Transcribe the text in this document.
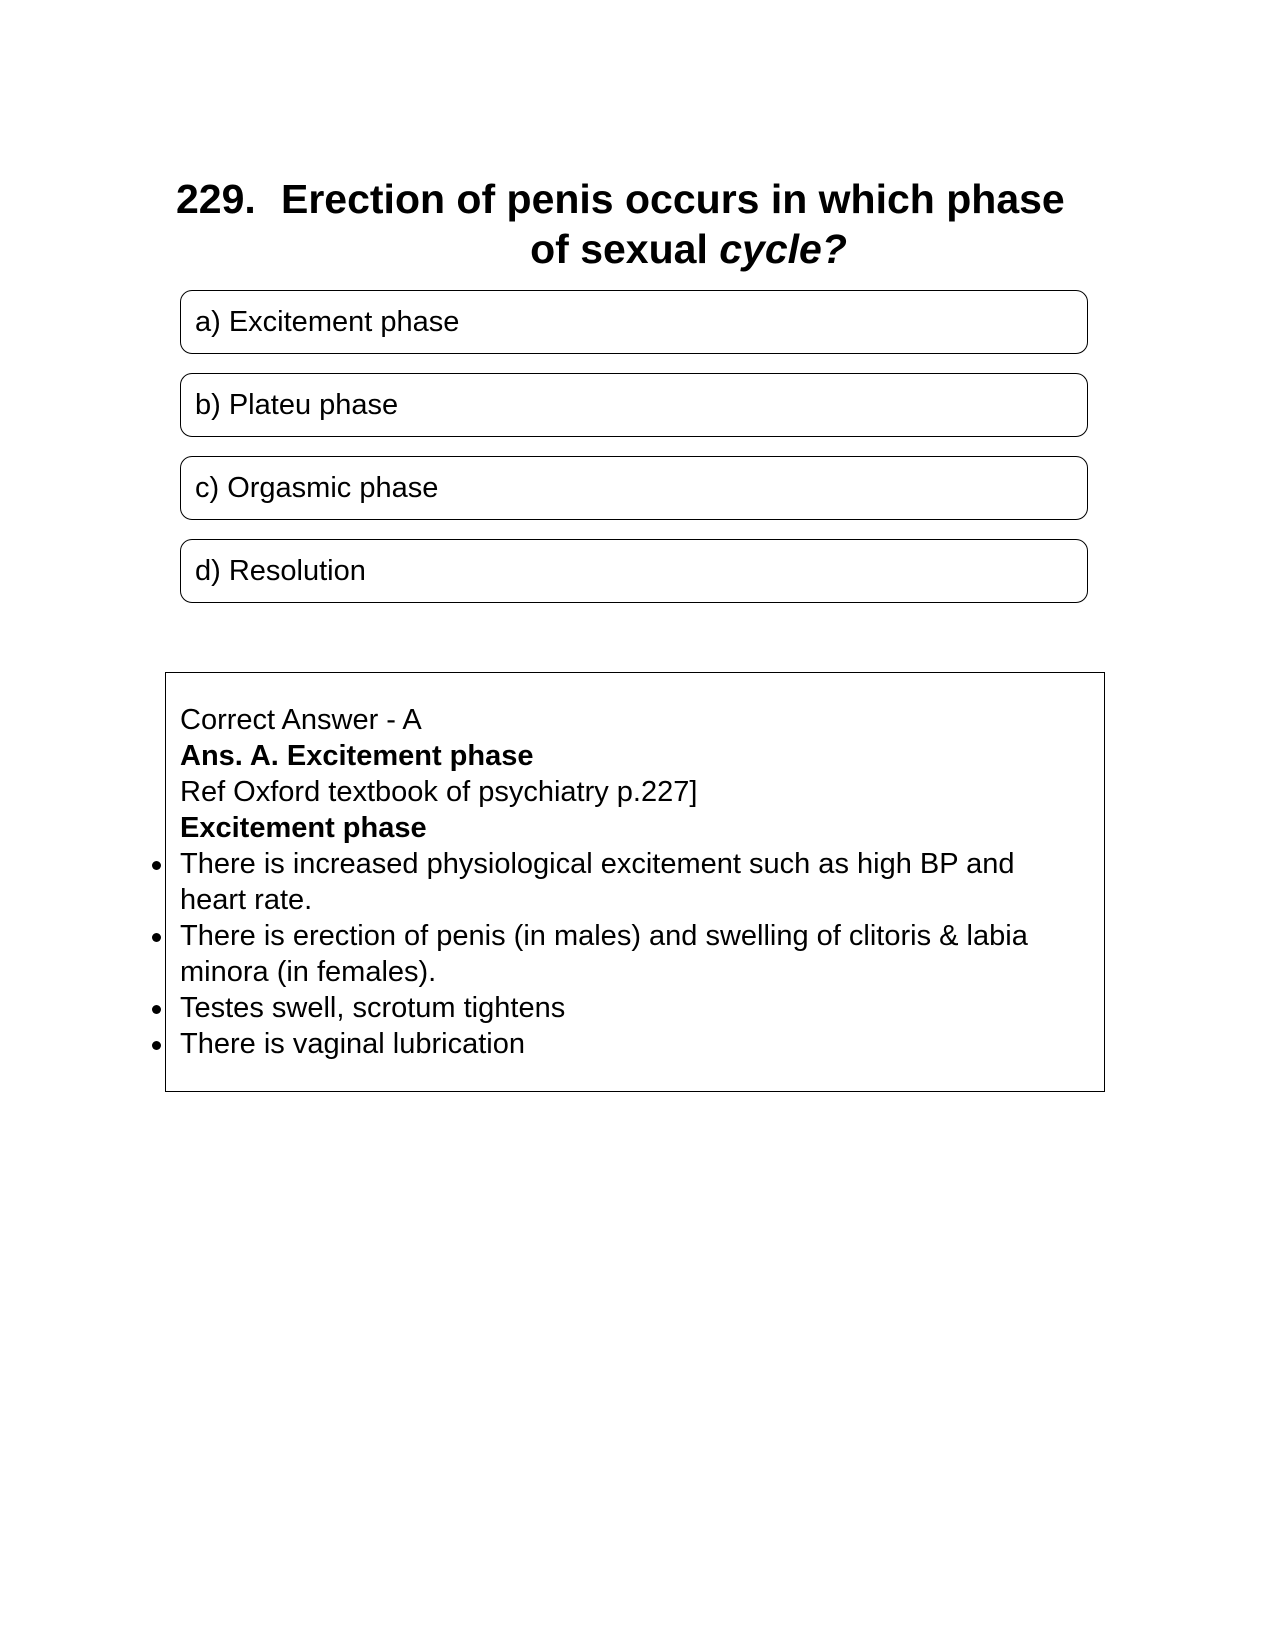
229. Erection of penis occurs in which phase
of sexual cycle?
a) Excitement phase
b) Plateu phase
c) Orgasmic phase
d) Resolution
Correct Answer - A
Ans. A. Excitement phase
Ref Oxford textbook of psychiatry p.227]
Excitement phase
There is increased physiological excitement such as high BP and heart rate.
There is erection of penis (in males) and swelling of clitoris & labia minora (in females).
Testes swell, scrotum tightens
There is vaginal lubrication
